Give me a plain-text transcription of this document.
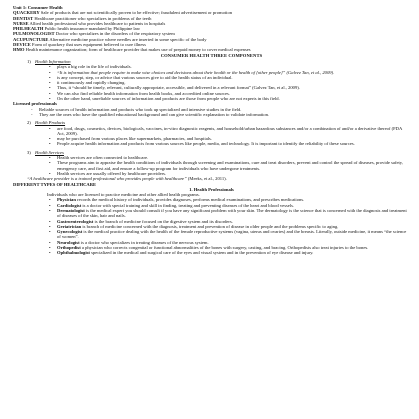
Unit 1: Consumer Health

QUACKERY Sale of products that are not scientifically proven to be effective; fraudulent advertisement or promotion

DENTIST Healthcare practitioner who specializes in problems of the teeth

NURSE Allied health professional who provides healthcare to patients in hospitals

PHILHEALTH Public health insurance mandated by Philippine law

PULMONOLOGIST Doctor who specializes in the disorders of the respiratory system

ACUPUNCTURE Alternative medicine practice where needles are inserted in some specific of the body

DEVICE Form of quackery that uses equipment believed to cure illness

HMO Health maintenance organization; form of healthcare provider that makes use of prepaid money to cover medical expenses

CONSUMER HEALTH THREE COMPONENTS

1) Health Information

• plays a big role in the life of individuals.
• “It is information that people require to make wise choices and decisions about their health or the health of [other people]” (Galvez Tan, et al., 2009).
• is any concept, step, or advice that various sources give to aid the health status of an individual.
• it continuously and rapidly changing.
• Thus, it “should be timely, relevant, culturally appropriate, accessible, and delivered in a relevant format” (Galvez Tan, et al., 2009).
• We can also find reliable health information from health books, and accredited online sources.
• On the other hand, unreliable sources of information and products are those from people who are not experts in this field.

Licensed professionals

- Reliable sources of health information and products who took up specialized and intensive studies in the field.
- They are the ones who have the qualified educational background and can give scientific explanation to validate information.

2) Health Products

• are food, drugs, cosmetics, devices, biologicals, vaccines, in-vitro diagnostic reagents, and household/urban hazardous substances and/or a combination of and/or a derivative thereof (FDA Act, 2009).
• may be purchased from various places like supermarkets, pharmacies, and hospitals.
• People acquire health information and products from various sources like people, media, and technology. It is important to identify the reliability of these sources.

3) Health Services

• Health services are often connected to healthcare.
• These programs aim to appraise the health conditions of individuals through screening and examinations, cure and treat disorders, prevent and control the spread of diseases, provide safety, emergency care, and first aid, and ensure a follow-up program for individuals who have undergone treatments.
• Health services are usually offered by healthcare providers.

“A healthcare provider is a trained professional who provides people with healthcare” (Meeks, et al., 2011).

DIFFERENT TYPES OF HEALTHCARE

1. Health Professionals

Individuals who are licensed to practice medicine and other allied health programs.

• Physician records the medical history of individuals, provides diagnoses, performs medical examinations, and prescribes medications.
• Cardiologist is a doctor with special training and skill in finding, treating and preventing diseases of the heart and blood vessels.
• Dermatologist is the medical expert you should consult if you have any significant problem with your skin. The dermatology is the science that is concerned with the diagnosis and treatment of diseases of the skin, hair and nails.
• Gastroenterologist is the branch of medicine focused on the digestive system and its disorders.
• Geriatrician is branch of medicine concerned with the diagnosis, treatment and prevention of disease in older people and the problems specific to aging.
• Gynecologist is the medical practice dealing with the health of the female reproductive systems (vagina, uterus and ovaries) and the breasts. Literally, outside medicine, it means “the science of women”.
• Neurologist is a doctor who specializes in treating diseases of the nervous system.
• Orthopedist a physician who corrects congenital or functional abnormalities of the bones with surgery, casting, and bracing. Orthopedists also treat injuries to the bones.
• Ophthalmologist specialized in the medical and surgical care of the eyes and visual system and in the prevention of eye disease and injury.
